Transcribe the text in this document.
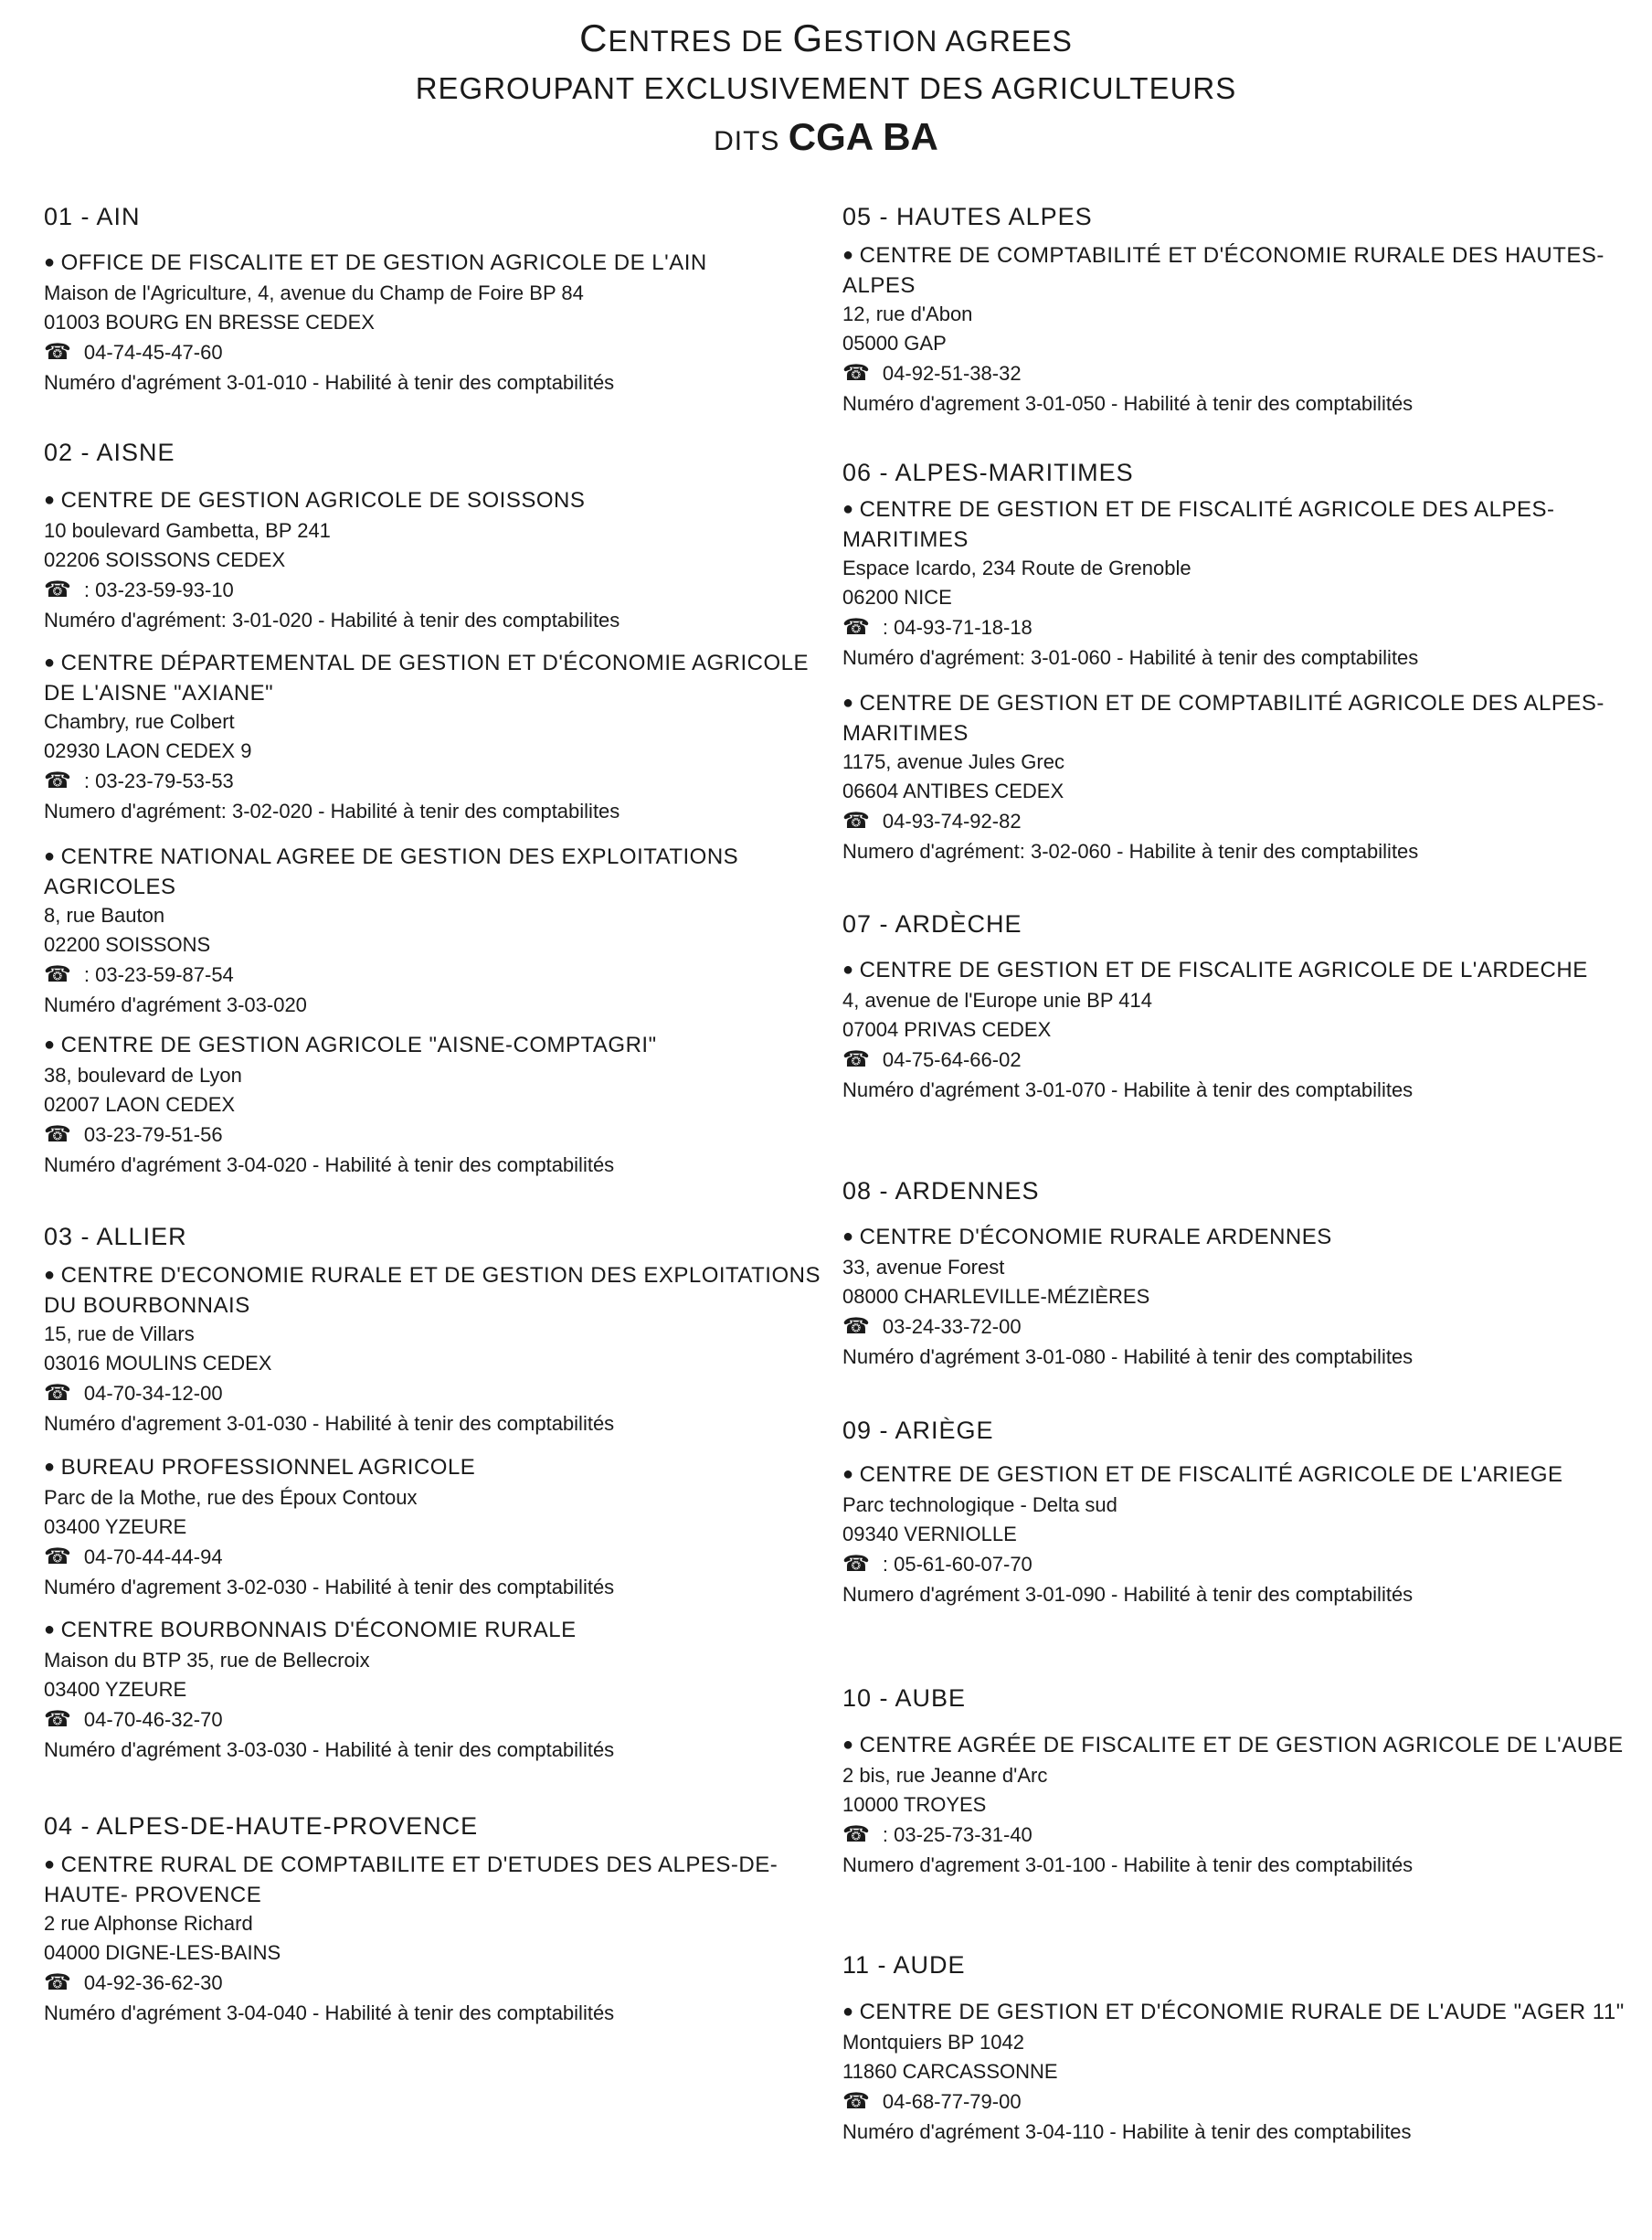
CENTRES DE GESTION AGREES
REGROUPANT EXCLUSIVEMENT DES AGRICULTEURS
DITS CGA BA
01 - AIN
● OFFICE DE FISCALITE ET DE GESTION AGRICOLE DE L'AIN
Maison de l'Agriculture, 4, avenue du Champ de Foire BP 84
01003 BOURG EN BRESSE CEDEX
☎ 04-74-45-47-60
Numéro d'agrément 3-01-010 - Habilité à tenir des comptabilités
02 - AISNE
● CENTRE DE GESTION AGRICOLE DE SOISSONS
10 boulevard Gambetta, BP 241
02206 SOISSONS CEDEX
☎ : 03-23-59-93-10
Numéro d'agrément: 3-01-020 - Habilité à tenir des comptabilites
● CENTRE DÉPARTEMENTAL DE GESTION ET D'ÉCONOMIE AGRICOLE DE L'AISNE "AXIANE"
Chambry, rue Colbert
02930 LAON CEDEX 9
☎ : 03-23-79-53-53
Numero d'agrément: 3-02-020 - Habilité à tenir des comptabilites
● CENTRE NATIONAL AGREE DE GESTION DES EXPLOITATIONS AGRICOLES
8, rue Bauton
02200 SOISSONS
☎ : 03-23-59-87-54
Numéro d'agrément 3-03-020
● CENTRE DE GESTION AGRICOLE "AISNE-COMPTAGRI"
38, boulevard de Lyon
02007 LAON CEDEX
☎ 03-23-79-51-56
Numéro d'agrément 3-04-020 - Habilité à tenir des comptabilités
03 - ALLIER
● CENTRE D'ECONOMIE RURALE ET DE GESTION DES EXPLOITATIONS DU BOURBONNAIS
15, rue de Villars
03016 MOULINS CEDEX
☎ 04-70-34-12-00
Numéro d'agrement 3-01-030 - Habilité à tenir des comptabilités
● BUREAU PROFESSIONNEL AGRICOLE
Parc de la Mothe, rue des Époux Contoux
03400 YZEURE
☎ 04-70-44-44-94
Numéro d'agrement 3-02-030 - Habilité à tenir des comptabilités
● CENTRE BOURBONNAIS D'ÉCONOMIE RURALE
Maison du BTP 35, rue de Bellecroix
03400 YZEURE
☎ 04-70-46-32-70
Numéro d'agrément 3-03-030 - Habilité à tenir des comptabilités
04 - ALPES-DE-HAUTE-PROVENCE
● CENTRE RURAL DE COMPTABILITE ET D'ETUDES DES ALPES-DE-HAUTE- PROVENCE
2 rue Alphonse Richard
04000 DIGNE-LES-BAINS
☎ 04-92-36-62-30
Numéro d'agrément 3-04-040 - Habilité à tenir des comptabilités
05 - HAUTES ALPES
● CENTRE DE COMPTABILITÉ ET D'ÉCONOMIE RURALE DES HAUTES-ALPES
12, rue d'Abon
05000 GAP
☎ 04-92-51-38-32
Numéro d'agrement 3-01-050 - Habilité à tenir des comptabilités
06 - ALPES-MARITIMES
● CENTRE DE GESTION ET DE FISCALITÉ AGRICOLE DES ALPES-MARITIMES
Espace Icardo, 234 Route de Grenoble
06200 NICE
☎ : 04-93-71-18-18
Numéro d'agrément: 3-01-060 - Habilité à tenir des comptabilites
● CENTRE DE GESTION ET DE COMPTABILITÉ AGRICOLE DES ALPES-MARITIMES
1175, avenue Jules Grec
06604 ANTIBES CEDEX
☎ 04-93-74-92-82
Numero d'agrément: 3-02-060 - Habilite à tenir des comptabilites
07 - ARDÈCHE
● CENTRE DE GESTION ET DE FISCALITE AGRICOLE DE L'ARDECHE
4, avenue de l'Europe unie BP 414
07004 PRIVAS CEDEX
☎ 04-75-64-66-02
Numéro d'agrément 3-01-070 - Habilite à tenir des comptabilites
08 - ARDENNES
● CENTRE D'ÉCONOMIE RURALE ARDENNES
33, avenue Forest
08000 CHARLEVILLE-MÉZIÈRES
☎ 03-24-33-72-00
Numéro d'agrément 3-01-080 - Habilité à tenir des comptabilites
09 - ARIÈGE
● CENTRE DE GESTION ET DE FISCALITÉ AGRICOLE DE L'ARIEGE
Parc technologique - Delta sud
09340 VERNIOLLE
☎ : 05-61-60-07-70
Numero d'agrément 3-01-090 - Habilité à tenir des comptabilités
10 - AUBE
● CENTRE AGRÉE DE FISCALITE ET DE GESTION AGRICOLE DE L'AUBE
2 bis, rue Jeanne d'Arc
10000 TROYES
☎ : 03-25-73-31-40
Numero d'agrement 3-01-100 - Habilite à tenir des comptabilités
11 - AUDE
● CENTRE DE GESTION ET D'ÉCONOMIE RURALE DE L'AUDE "AGER 11"
Montquiers BP 1042
11860 CARCASSONNE
☎ 04-68-77-79-00
Numéro d'agrément 3-04-110 - Habilite à tenir des comptabilites
